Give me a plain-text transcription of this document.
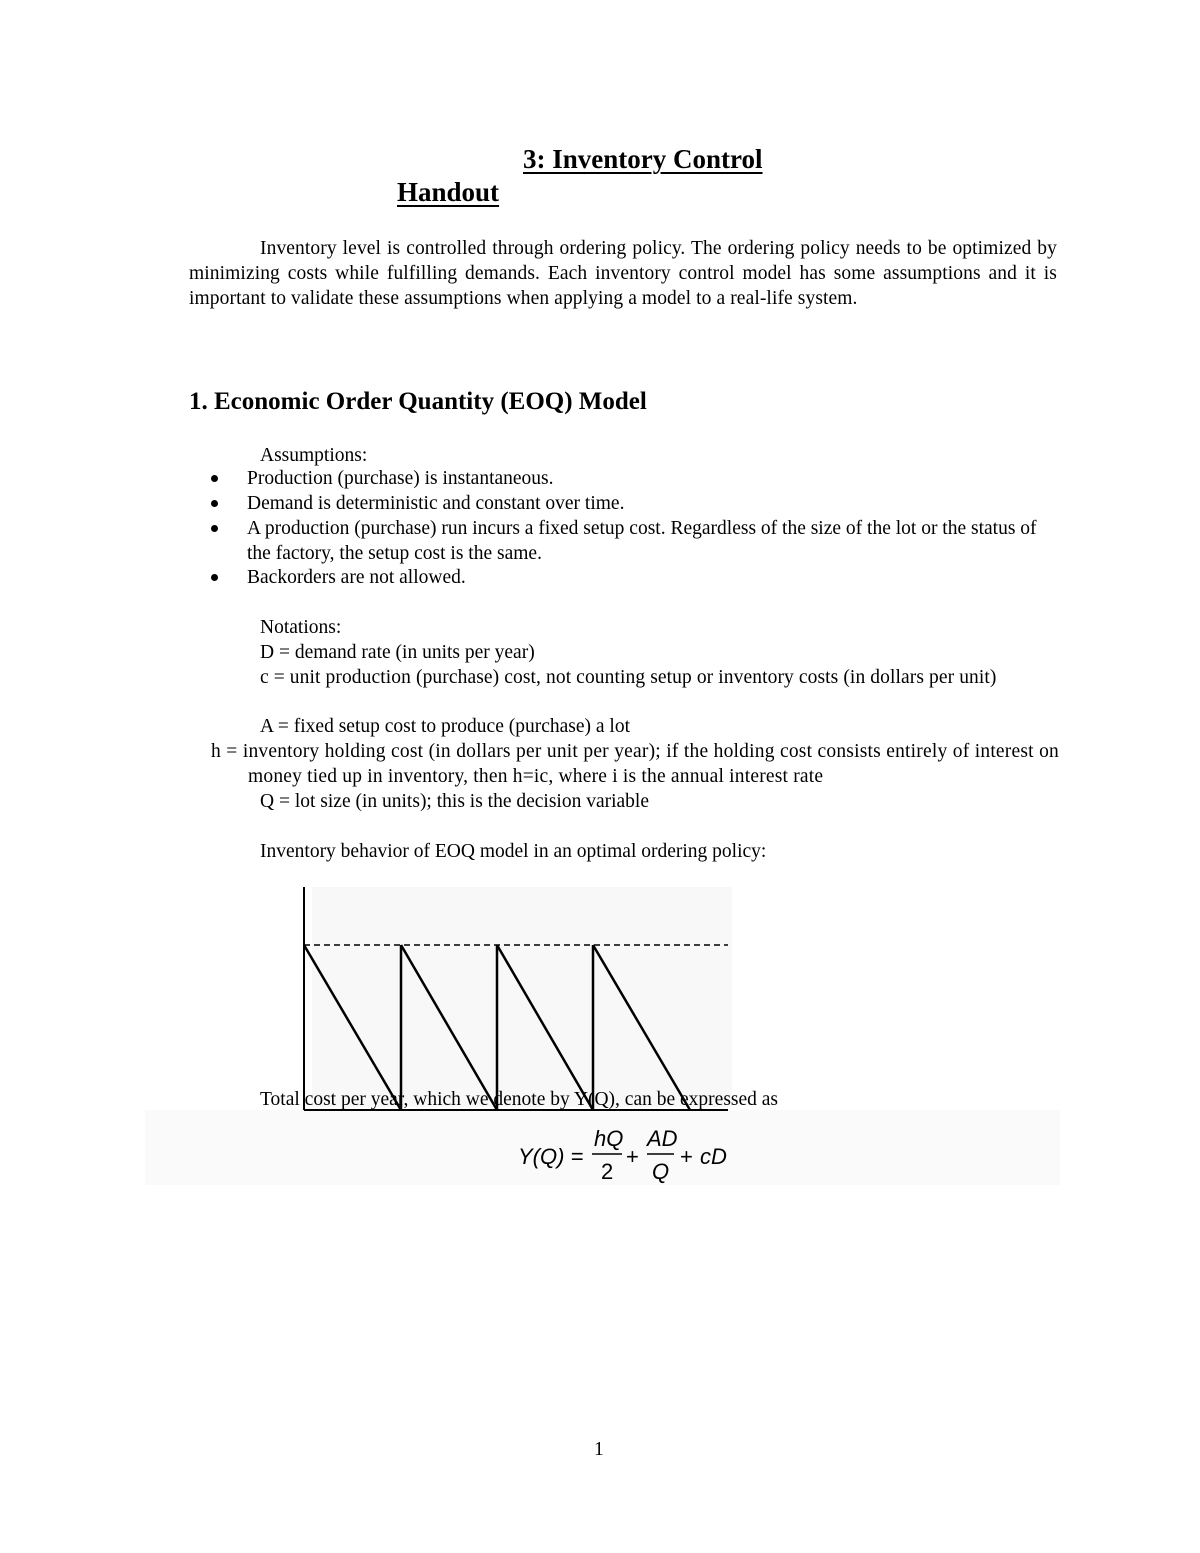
3: Inventory Control
Handout
Inventory level is controlled through ordering policy. The ordering policy needs to be optimized by minimizing costs while fulfilling demands. Each inventory control model has some assumptions and it is important to validate these assumptions when applying a model to a real-life system.
1. Economic Order Quantity (EOQ) Model
Assumptions:
Production (purchase) is instantaneous.
Demand is deterministic and constant over time.
A production (purchase) run incurs a fixed setup cost. Regardless of the size of the lot or the status of the factory, the setup cost is the same.
Backorders are not allowed.
Notations:
D = demand rate (in units per year)
c = unit production (purchase) cost, not counting setup or inventory costs (in dollars per unit)
A = fixed setup cost to produce (purchase) a lot
h = inventory holding cost (in dollars per unit per year); if the holding cost consists entirely of interest on money tied up in inventory, then h=ic, where i is the annual interest rate
Q = lot size (in units); this is the decision variable
Inventory behavior of EOQ model in an optimal ordering policy:
Y(Q) =
hQ
2
+
AD
Q
+ cD
Total cost per year, which we denote by Y(Q), can be expressed as
1
